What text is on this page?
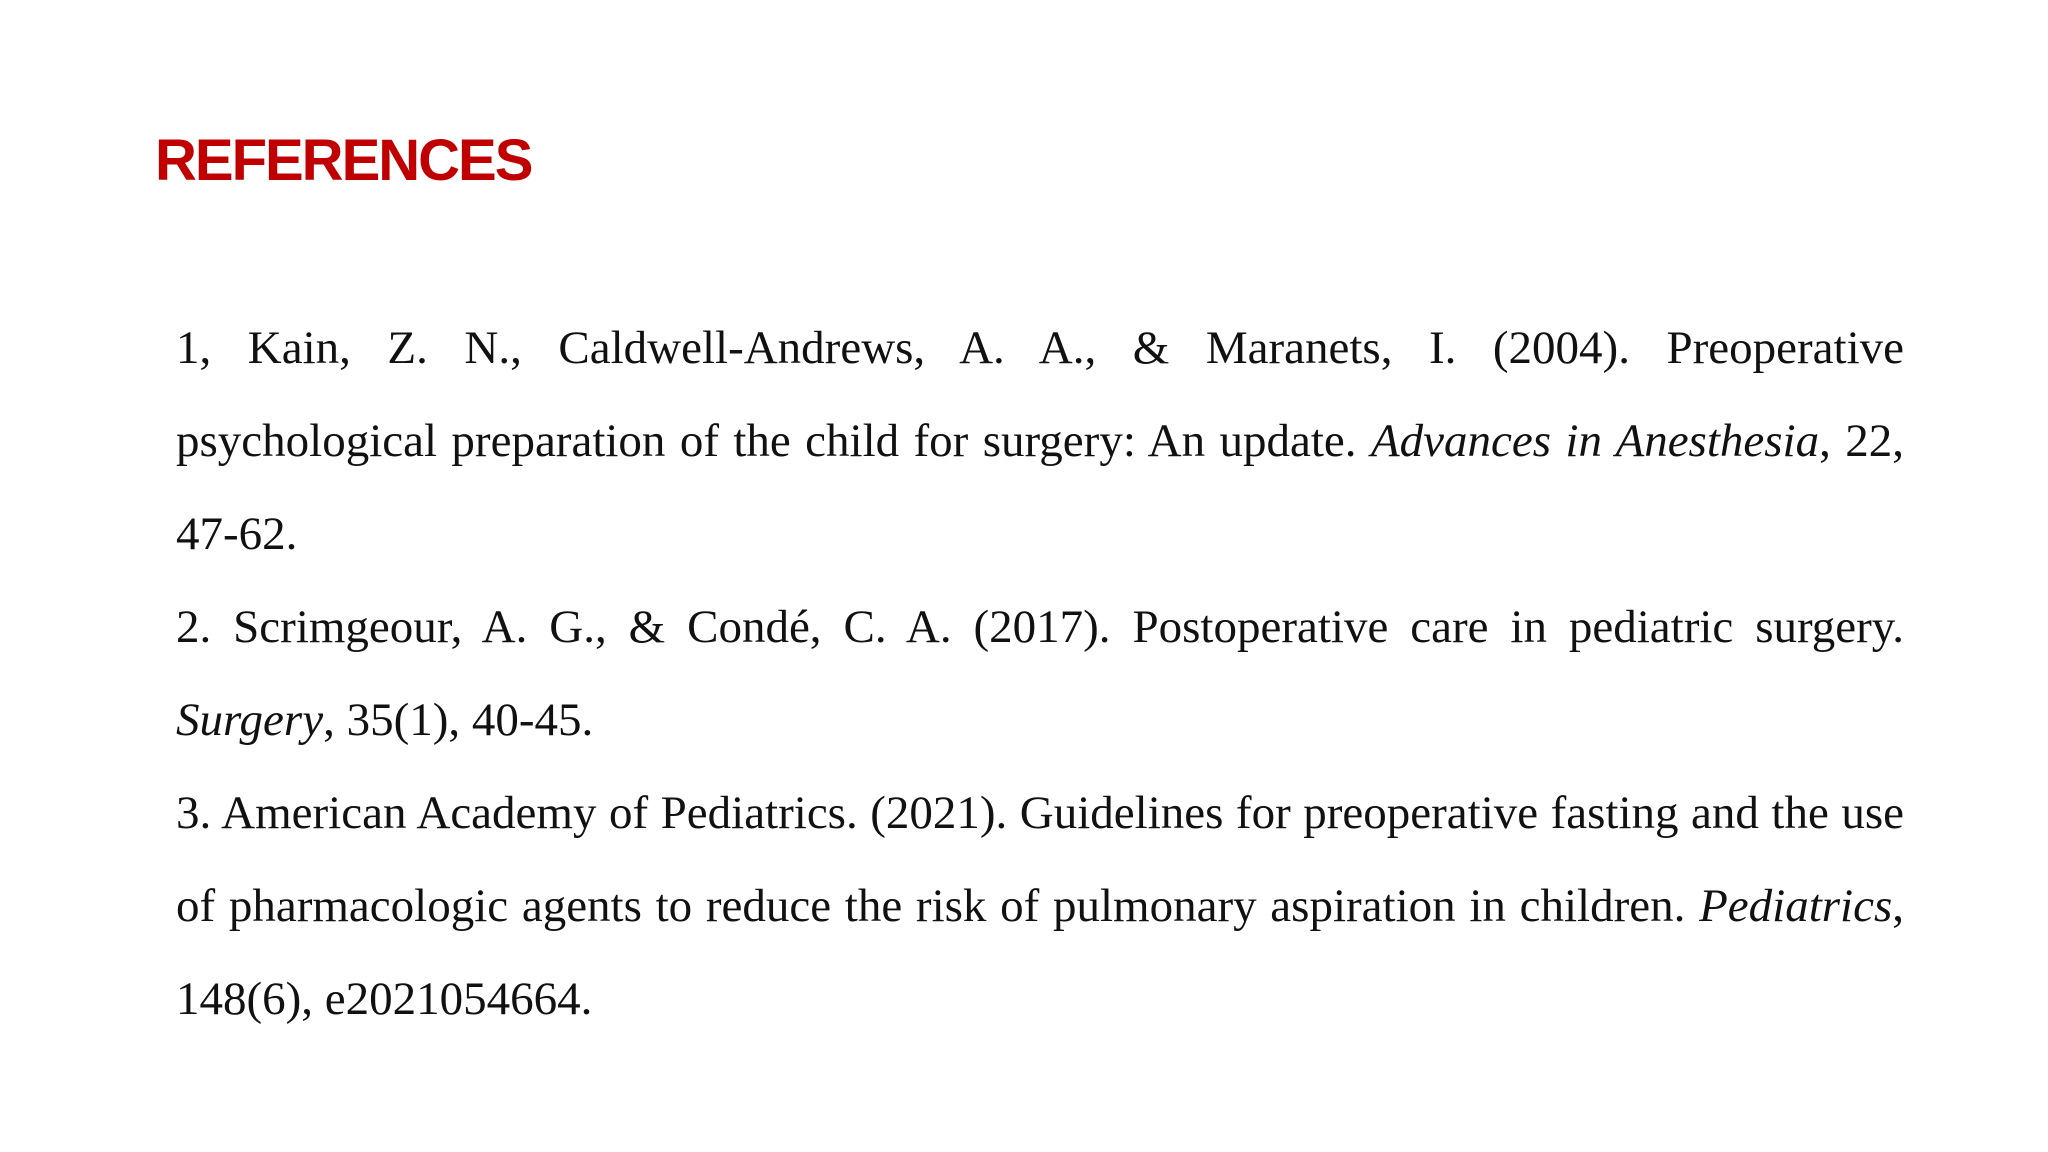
REFERENCES

1, Kain, Z. N., Caldwell-Andrews, A. A., & Maranets, I. (2004). Preoperative psychological preparation of the child for surgery: An update. Advances in Anesthesia, 22, 47-62.

2. Scrimgeour, A. G., & Condé, C. A. (2017). Postoperative care in pediatric surgery. Surgery, 35(1), 40-45.

3. American Academy of Pediatrics. (2021). Guidelines for preoperative fasting and the use of pharmacologic agents to reduce the risk of pulmonary aspiration in children. Pediatrics, 148(6), e2021054664.
